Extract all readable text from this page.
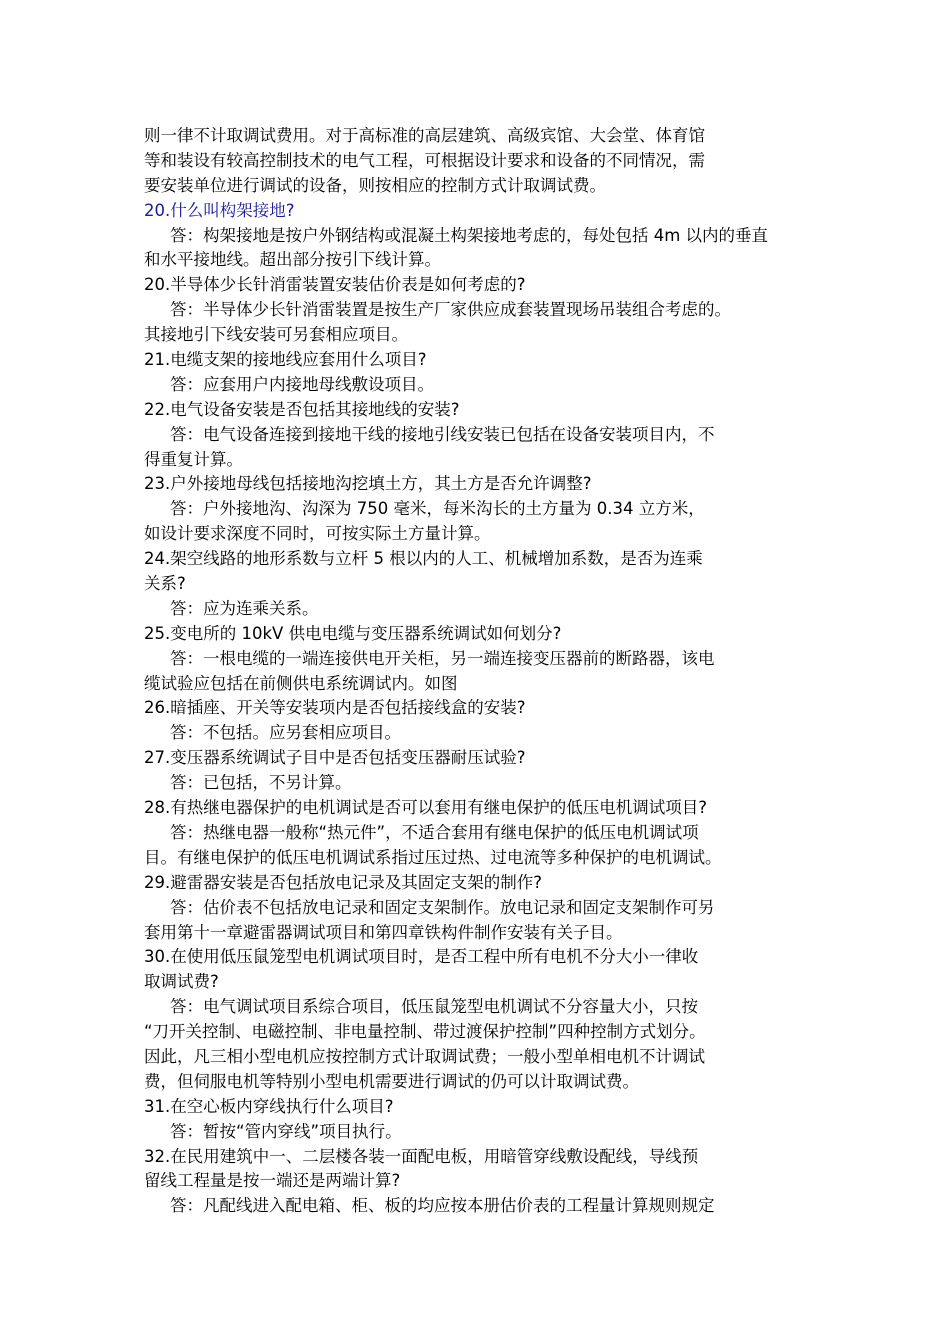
则一律不计取调试费用。对于高标准的高层建筑、高级宾馆、大会堂、体育馆
等和装设有较高控制技术的电气工程，可根据设计要求和设备的不同情况，需
要安装单位进行调试的设备，则按相应的控制方式计取调试费。
20.什么叫构架接地?
答：构架接地是按户外钢结构或混凝土构架接地考虑的，每处包括 4m 以内的垂直
和水平接地线。超出部分按引下线计算。
20.半导体少长针消雷装置安装估价表是如何考虑的?
答：半导体少长针消雷装置是按生产厂家供应成套装置现场吊装组合考虑的。
其接地引下线安装可另套相应项目。
21.电缆支架的接地线应套用什么项目?
答：应套用户内接地母线敷设项目。
22.电气设备安装是否包括其接地线的安装?
答：电气设备连接到接地干线的接地引线安装已包括在设备安装项目内，不
得重复计算。
23.户外接地母线包括接地沟挖填土方，其土方是否允许调整?
答：户外接地沟、沟深为 750 毫米，每米沟长的土方量为 0.34 立方米，
如设计要求深度不同时，可按实际土方量计算。
24.架空线路的地形系数与立杆 5 根以内的人工、机械增加系数，是否为连乘
关系?
答：应为连乘关系。
25.变电所的 10kV 供电电缆与变压器系统调试如何划分?
答：一根电缆的一端连接供电开关柜，另一端连接变压器前的断路器，该电
缆试验应包括在前侧供电系统调试内。如图
26.暗插座、开关等安装项内是否包括接线盒的安装?
答：不包括。应另套相应项目。
27.变压器系统调试子目中是否包括变压器耐压试验?
答：已包括，不另计算。
28.有热继电器保护的电机调试是否可以套用有继电保护的低压电机调试项目?
答：热继电器一般称“热元件”，不适合套用有继电保护的低压电机调试项
目。有继电保护的低压电机调试系指过压过热、过电流等多种保护的电机调试。
29.避雷器安装是否包括放电记录及其固定支架的制作?
答：估价表不包括放电记录和固定支架制作。放电记录和固定支架制作可另
套用第十一章避雷器调试项目和第四章铁构件制作安装有关子目。
30.在使用低压鼠笼型电机调试项目时，是否工程中所有电机不分大小一律收
取调试费?
答：电气调试项目系综合项目，低压鼠笼型电机调试不分容量大小，只按
“刀开关控制、电磁控制、非电量控制、带过渡保护控制”四种控制方式划分。
因此，凡三相小型电机应按控制方式计取调试费；一般小型单相电机不计调试
费，但伺服电机等特别小型电机需要进行调试的仍可以计取调试费。
31.在空心板内穿线执行什么项目?
答：暂按“管内穿线”项目执行。
32.在民用建筑中一、二层楼各装一面配电板，用暗管穿线敷设配线，导线预
留线工程量是按一端还是两端计算?
答：凡配线进入配电箱、柜、板的均应按本册估价表的工程量计算规则规定
